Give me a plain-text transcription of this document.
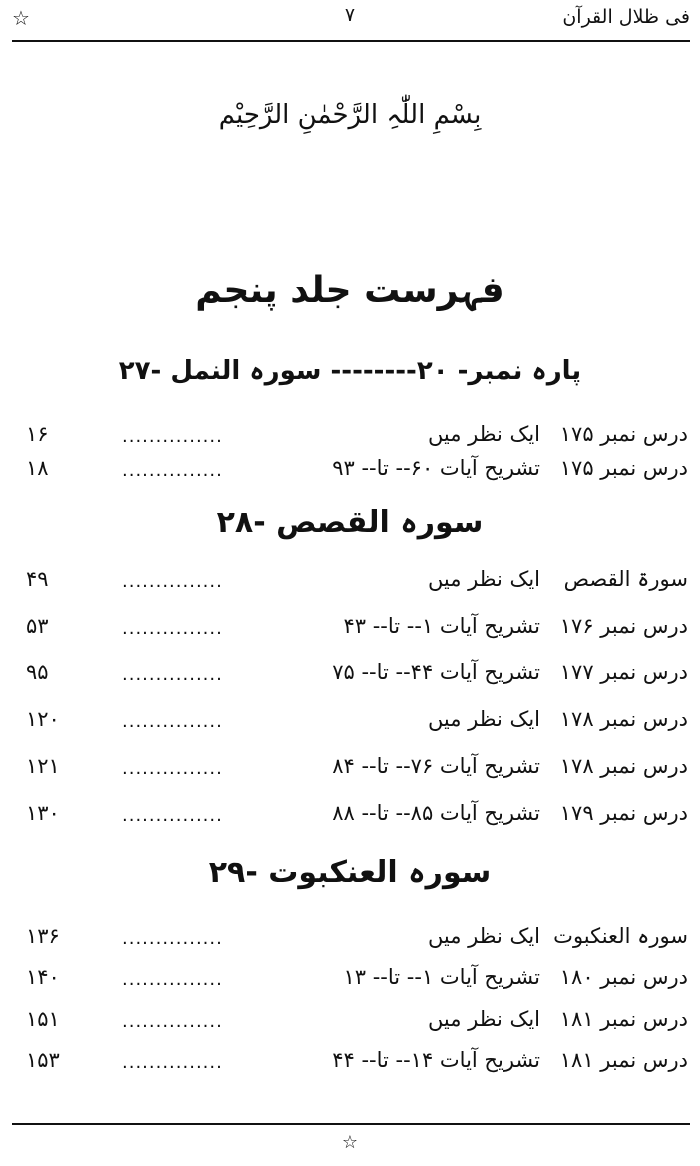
فی ظلال القرآن
۷
☆
بِسْمِ اللّٰہِ الرَّحْمٰنِ الرَّحِیْم
فہرست جلد پنجم
پارہ نمبر- ۲۰-------- سورہ النمل -۲۷
درس نمبر ۱۷۵
ایک نظر میں
...............
۱۶
درس نمبر ۱۷۵
تشریح آیات ۶۰-- تا-- ۹۳
...............
۱۸
سورہ القصص -۲۸
سورۃ القصص
ایک نظر میں
...............
۴۹
درس نمبر ۱۷۶
تشریح آیات ۱-- تا-- ۴۳
...............
۵۳
درس نمبر ۱۷۷
تشریح آیات ۴۴-- تا-- ۷۵
...............
۹۵
درس نمبر ۱۷۸
ایک نظر میں
...............
۱۲۰
درس نمبر ۱۷۸
تشریح آیات ۷۶-- تا-- ۸۴
...............
۱۲۱
درس نمبر ۱۷۹
تشریح آیات ۸۵-- تا-- ۸۸
...............
۱۳۰
سورہ العنکبوت -۲۹
سورہ العنکبوت
ایک نظر میں
...............
۱۳۶
درس نمبر ۱۸۰
تشریح آیات ۱-- تا-- ۱۳
...............
۱۴۰
درس نمبر ۱۸۱
ایک نظر میں
...............
۱۵۱
درس نمبر ۱۸۱
تشریح آیات ۱۴-- تا-- ۴۴
...............
۱۵۳
☆
